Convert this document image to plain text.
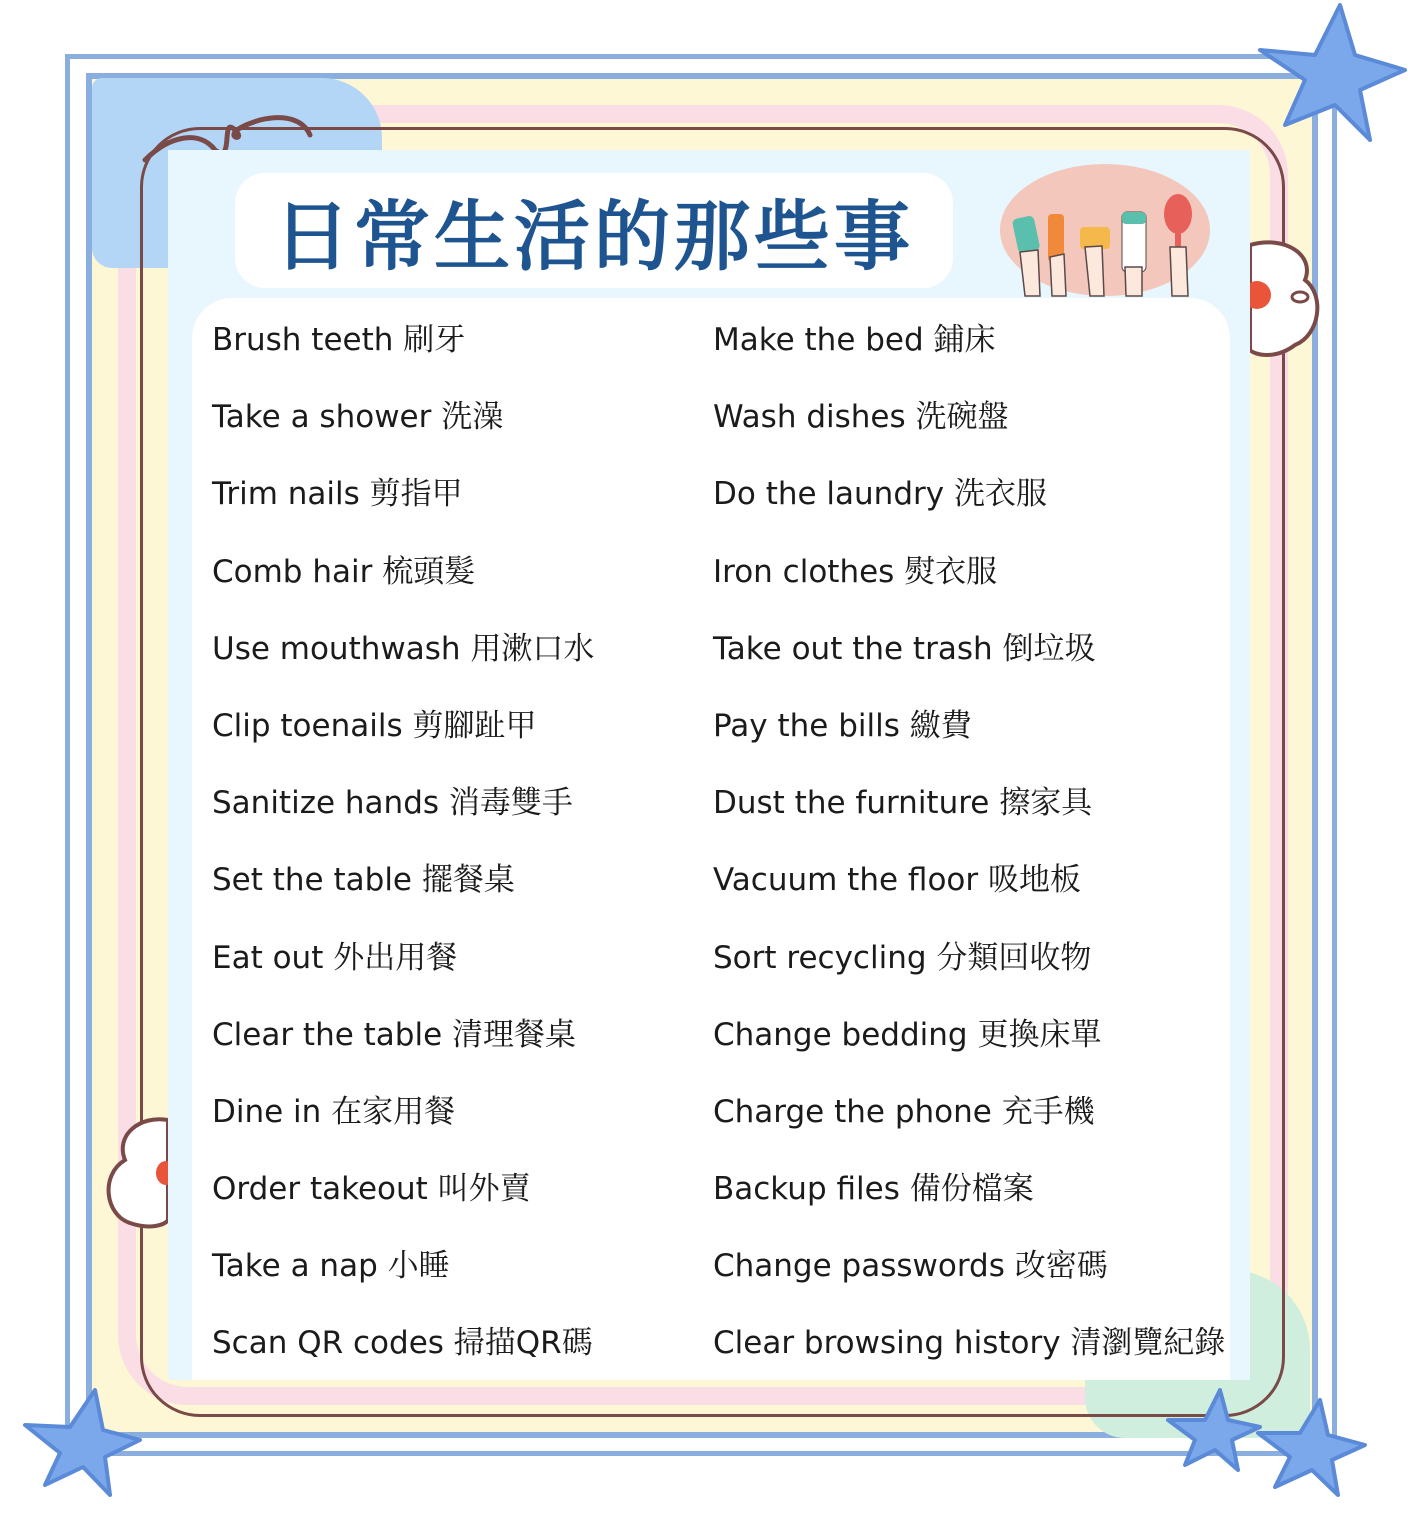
日常生活的那些事
Brush teeth 刷牙
Take a shower 洗澡
Trim nails 剪指甲
Comb hair 梳頭髮
Use mouthwash 用漱口水
Clip toenails 剪腳趾甲
Sanitize hands 消毒雙手
Set the table 擺餐桌
Eat out 外出用餐
Clear the table 清理餐桌
Dine in 在家用餐
Order takeout 叫外賣
Take a nap 小睡
Scan QR codes 掃描QR碼
Make the bed 鋪床
Wash dishes 洗碗盤
Do the laundry 洗衣服
Iron clothes 熨衣服
Take out the trash 倒垃圾
Pay the bills 繳費
Dust the furniture 擦家具
Vacuum the floor 吸地板
Sort recycling 分類回收物
Change bedding 更換床單
Charge the phone 充手機
Backup files 備份檔案
Change passwords 改密碼
Clear browsing history 清瀏覽紀錄
